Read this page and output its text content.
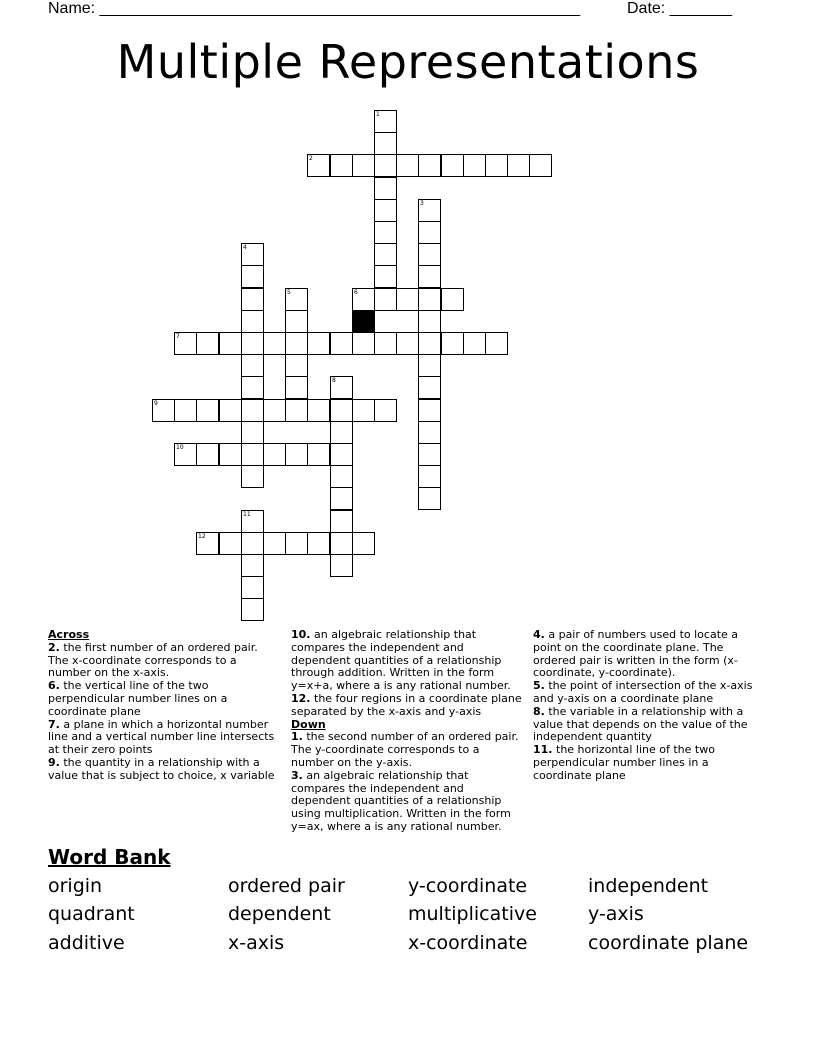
Name: ______________________________________________________	Date: _______
Multiple Representations
1
2
3
4
5	6
7
8
9
10
11
12
Across
2. the first number of an ordered pair. The x-coordinate corresponds to a number on the x-axis.
6. the vertical line of the two perpendicular number lines on a coordinate plane
7. a plane in which a horizontal number line and a vertical number line intersects at their zero points
9. the quantity in a relationship with a value that is subject to choice, x variable
10. an algebraic relationship that compares the independent and dependent quantities of a relationship through addition. Written in the form y=x+a, where a is any rational number.
12. the four regions in a coordinate plane separated by the x-axis and y-axis
Down
1. the second number of an ordered pair. The y-coordinate corresponds to a number on the y-axis.
3. an algebraic relationship that compares the independent and dependent quantities of a relationship using multiplication. Written in the form y=ax, where a is any rational number.
4. a pair of numbers used to locate a point on the coordinate plane. The ordered pair is written in the form (x-coordinate, y-coordinate).
5. the point of intersection of the x-axis and y-axis on a coordinate plane
8. the variable in a relationship with a value that depends on the value of the independent quantity
11. the horizontal line of the two perpendicular number lines in a coordinate plane
Word Bank
origin	ordered pair	y-coordinate	independent
quadrant	dependent	multiplicative	y-axis
additive	x-axis	x-coordinate	coordinate plane
